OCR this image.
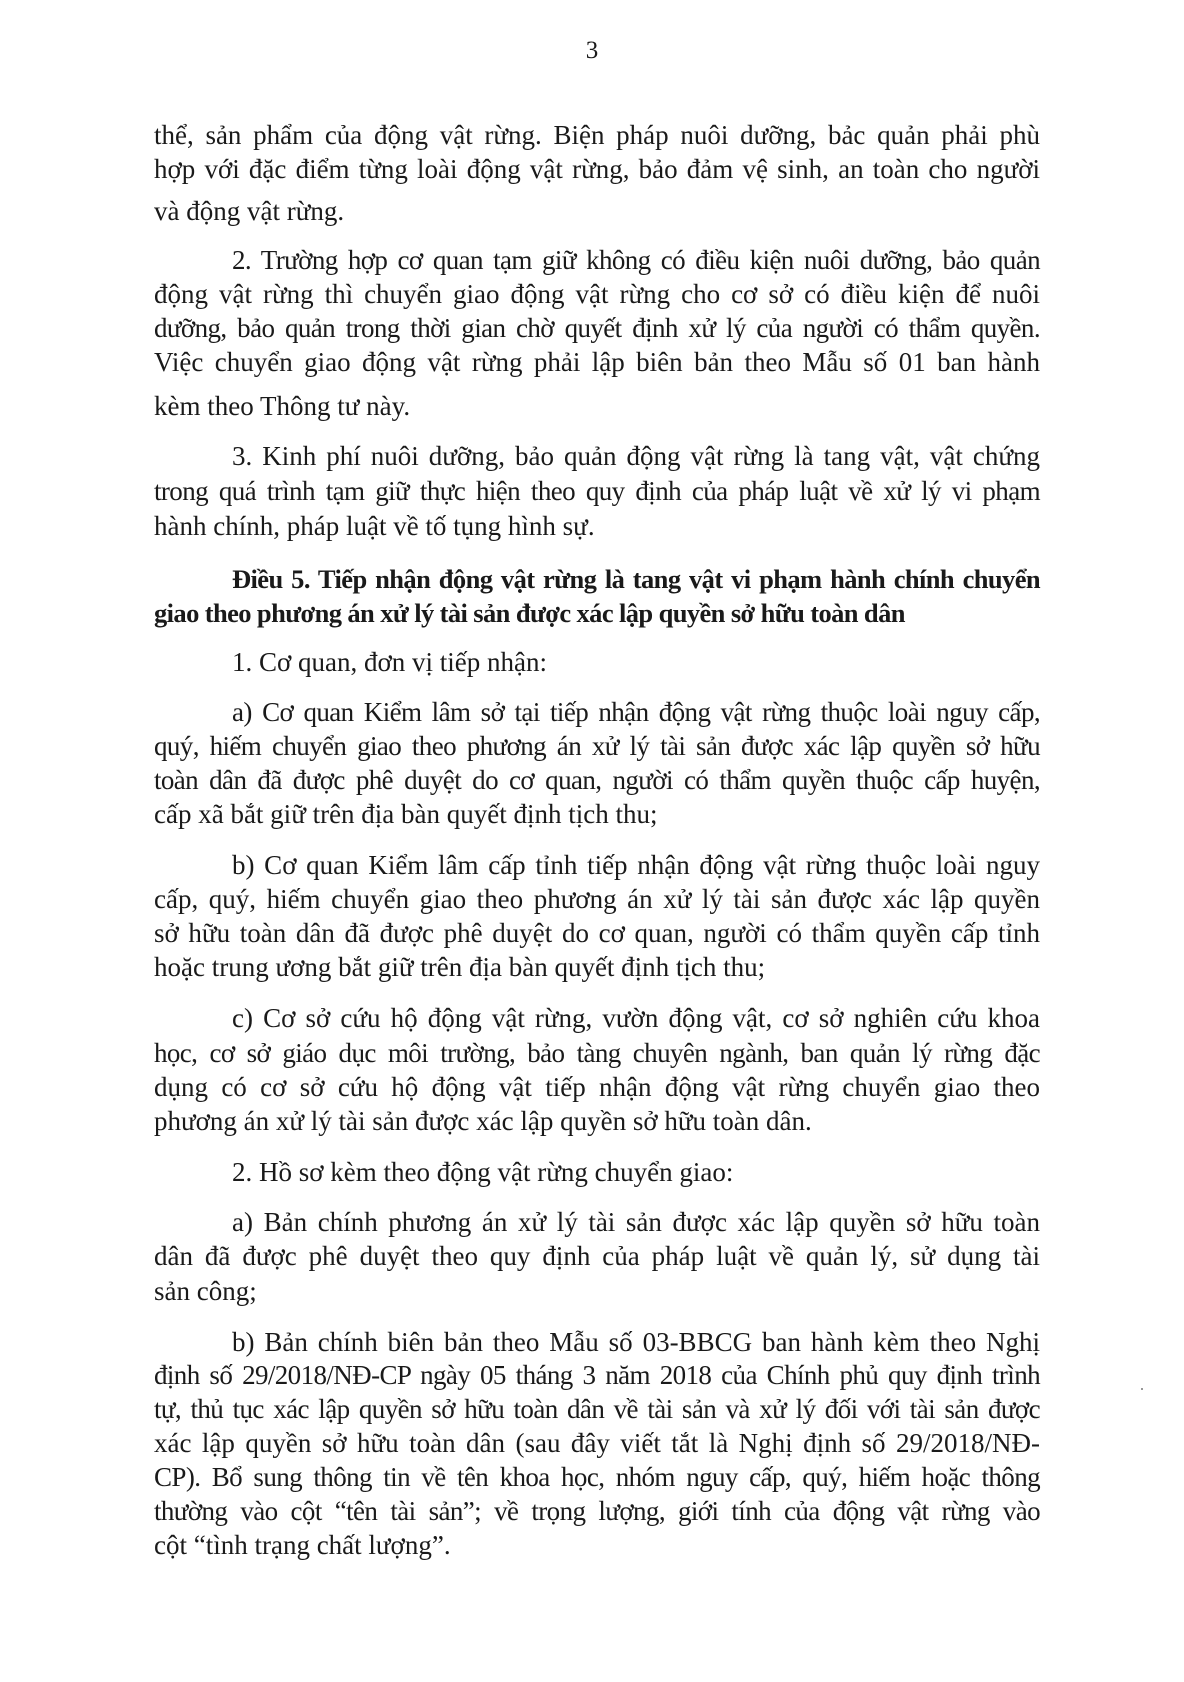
3
thể, sản phẩm của động vật rừng. Biện pháp nuôi dưỡng, bảc quản phải phù
hợp với đặc điểm từng loài động vật rừng, bảo đảm vệ sinh, an toàn cho người
và động vật rừng.
2. Trường hợp cơ quan tạm giữ không có điều kiện nuôi dưỡng, bảo quản
động vật rừng thì chuyển giao động vật rừng cho cơ sở có điều kiện để nuôi
dưỡng, bảo quản trong thời gian chờ quyết định xử lý của người có thẩm quyền.
Việc chuyển giao động vật rừng phải lập biên bản theo Mẫu số 01 ban hành
kèm theo Thông tư này.
3. Kinh phí nuôi dưỡng, bảo quản động vật rừng là tang vật, vật chứng
trong quá trình tạm giữ thực hiện theo quy định của pháp luật về xử lý vi phạm
hành chính, pháp luật về tố tụng hình sự.
Điều 5. Tiếp nhận động vật rừng là tang vật vi phạm hành chính chuyển
giao theo phương án xử lý tài sản được xác lập quyền sở hữu toàn dân
1. Cơ quan, đơn vị tiếp nhận:
a) Cơ quan Kiểm lâm sở tại tiếp nhận động vật rừng thuộc loài nguy cấp,
quý, hiếm chuyển giao theo phương án xử lý tài sản được xác lập quyền sở hữu
toàn dân đã được phê duyệt do cơ quan, người có thẩm quyền thuộc cấp huyện,
cấp xã bắt giữ trên địa bàn quyết định tịch thu;
b) Cơ quan Kiểm lâm cấp tỉnh tiếp nhận động vật rừng thuộc loài nguy
cấp, quý, hiếm chuyển giao theo phương án xử lý tài sản được xác lập quyền
sở hữu toàn dân đã được phê duyệt do cơ quan, người có thẩm quyền cấp tỉnh
hoặc trung ương bắt giữ trên địa bàn quyết định tịch thu;
c) Cơ sở cứu hộ động vật rừng, vườn động vật, cơ sở nghiên cứu khoa
học, cơ sở giáo dục môi trường, bảo tàng chuyên ngành, ban quản lý rừng đặc
dụng có cơ sở cứu hộ động vật tiếp nhận động vật rừng chuyển giao theo
phương án xử lý tài sản được xác lập quyền sở hữu toàn dân.
2. Hồ sơ kèm theo động vật rừng chuyển giao:
a) Bản chính phương án xử lý tài sản được xác lập quyền sở hữu toàn
dân đã được phê duyệt theo quy định của pháp luật về quản lý, sử dụng tài
sản công;
b) Bản chính biên bản theo Mẫu số 03-BBCG ban hành kèm theo Nghị
định số 29/2018/NĐ-CP ngày 05 tháng 3 năm 2018 của Chính phủ quy định trình
tự, thủ tục xác lập quyền sở hữu toàn dân về tài sản và xử lý đối với tài sản được
xác lập quyền sở hữu toàn dân (sau đây viết tắt là Nghị định số 29/2018/NĐ-
CP). Bổ sung thông tin về tên khoa học, nhóm nguy cấp, quý, hiếm hoặc thông
thường vào cột “tên tài sản”; về trọng lượng, giới tính của động vật rừng vào
cột “tình trạng chất lượng”.
